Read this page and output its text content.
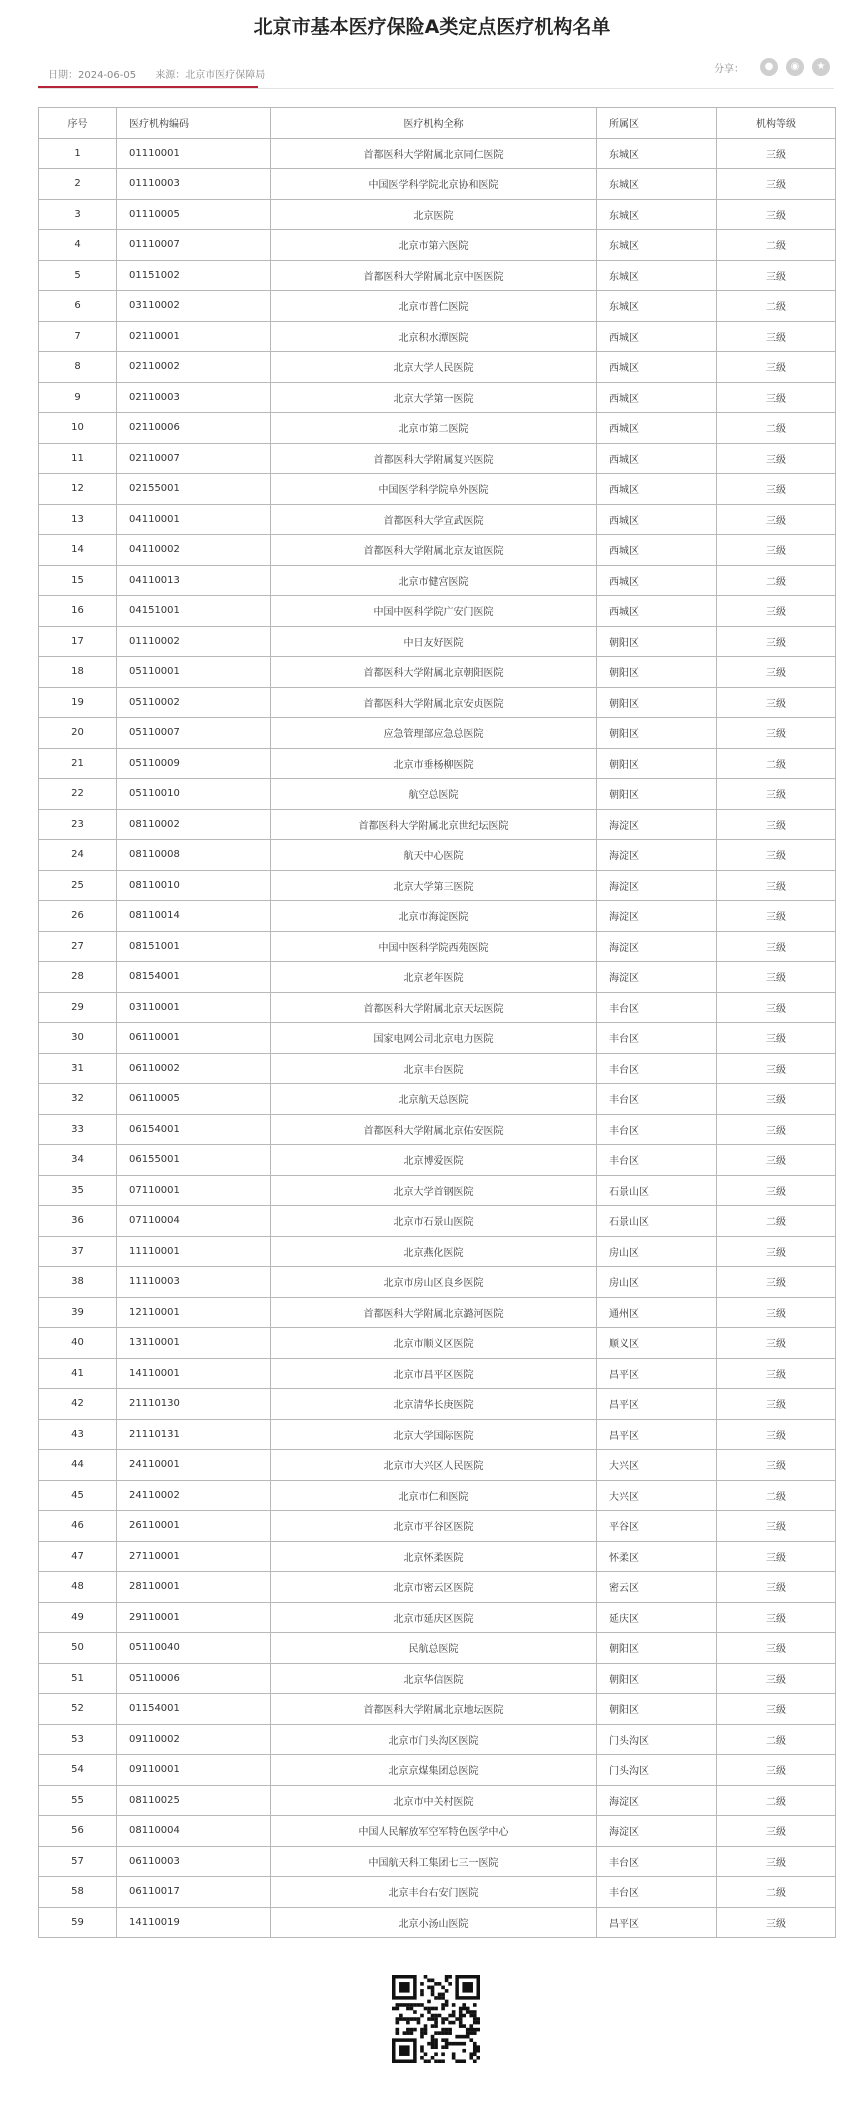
北京市基本医疗保险A类定点医疗机构名单
日期：2024-06-05 来源：北京市医疗保障局
分享：	●	◉	★
序号	医疗机构编码	医疗机构全称	所属区	机构等级
1	01110001	首都医科大学附属北京同仁医院	东城区	三级
2	01110003	中国医学科学院北京协和医院	东城区	三级
3	01110005	北京医院	东城区	三级
4	01110007	北京市第六医院	东城区	二级
5	01151002	首都医科大学附属北京中医医院	东城区	三级
6	03110002	北京市普仁医院	东城区	二级
7	02110001	北京积水潭医院	西城区	三级
8	02110002	北京大学人民医院	西城区	三级
9	02110003	北京大学第一医院	西城区	三级
10	02110006	北京市第二医院	西城区	二级
11	02110007	首都医科大学附属复兴医院	西城区	三级
12	02155001	中国医学科学院阜外医院	西城区	三级
13	04110001	首都医科大学宣武医院	西城区	三级
14	04110002	首都医科大学附属北京友谊医院	西城区	三级
15	04110013	北京市健宫医院	西城区	二级
16	04151001	中国中医科学院广安门医院	西城区	三级
17	01110002	中日友好医院	朝阳区	三级
18	05110001	首都医科大学附属北京朝阳医院	朝阳区	三级
19	05110002	首都医科大学附属北京安贞医院	朝阳区	三级
20	05110007	应急管理部应急总医院	朝阳区	三级
21	05110009	北京市垂杨柳医院	朝阳区	二级
22	05110010	航空总医院	朝阳区	三级
23	08110002	首都医科大学附属北京世纪坛医院	海淀区	三级
24	08110008	航天中心医院	海淀区	三级
25	08110010	北京大学第三医院	海淀区	三级
26	08110014	北京市海淀医院	海淀区	三级
27	08151001	中国中医科学院西苑医院	海淀区	三级
28	08154001	北京老年医院	海淀区	三级
29	03110001	首都医科大学附属北京天坛医院	丰台区	三级
30	06110001	国家电网公司北京电力医院	丰台区	三级
31	06110002	北京丰台医院	丰台区	三级
32	06110005	北京航天总医院	丰台区	三级
33	06154001	首都医科大学附属北京佑安医院	丰台区	三级
34	06155001	北京博爱医院	丰台区	三级
35	07110001	北京大学首钢医院	石景山区	三级
36	07110004	北京市石景山医院	石景山区	二级
37	11110001	北京燕化医院	房山区	三级
38	11110003	北京市房山区良乡医院	房山区	三级
39	12110001	首都医科大学附属北京潞河医院	通州区	三级
40	13110001	北京市顺义区医院	顺义区	三级
41	14110001	北京市昌平区医院	昌平区	三级
42	21110130	北京清华长庚医院	昌平区	三级
43	21110131	北京大学国际医院	昌平区	三级
44	24110001	北京市大兴区人民医院	大兴区	三级
45	24110002	北京市仁和医院	大兴区	二级
46	26110001	北京市平谷区医院	平谷区	三级
47	27110001	北京怀柔医院	怀柔区	三级
48	28110001	北京市密云区医院	密云区	三级
49	29110001	北京市延庆区医院	延庆区	三级
50	05110040	民航总医院	朝阳区	三级
51	05110006	北京华信医院	朝阳区	三级
52	01154001	首都医科大学附属北京地坛医院	朝阳区	三级
53	09110002	北京市门头沟区医院	门头沟区	二级
54	09110001	北京京煤集团总医院	门头沟区	三级
55	08110025	北京市中关村医院	海淀区	二级
56	08110004	中国人民解放军空军特色医学中心	海淀区	三级
57	06110003	中国航天科工集团七三一医院	丰台区	三级
58	06110017	北京丰台右安门医院	丰台区	二级
59	14110019	北京小汤山医院	昌平区	三级
